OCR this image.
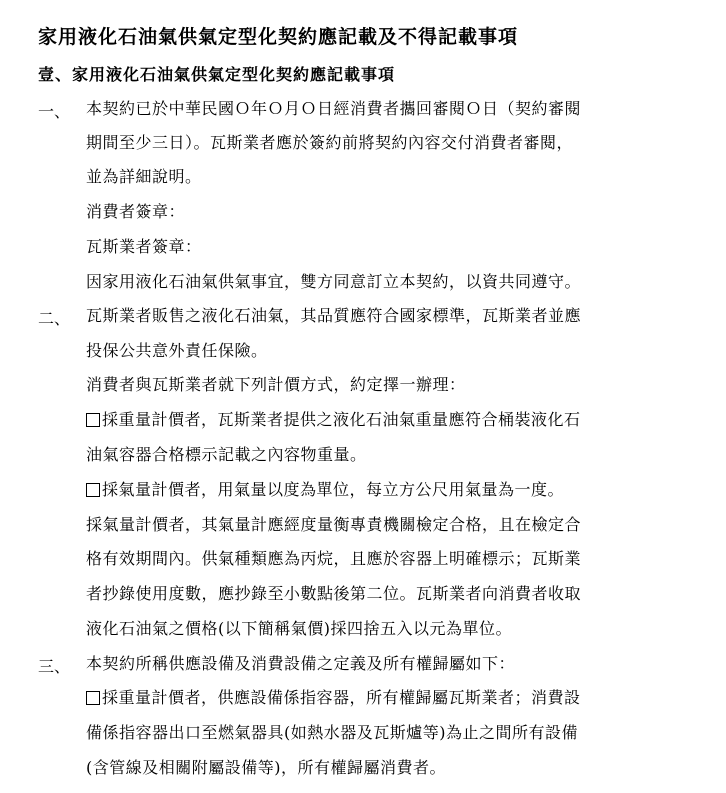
家用液化石油氣供氣定型化契約應記載及不得記載事項
壹、家用液化石油氣供氣定型化契約應記載事項
一、 本契約已於中華民國Ｏ年Ｏ月Ｏ日經消費者攜回審閱Ｏ日（契約審閱
期間至少三日）。瓦斯業者應於簽約前將契約內容交付消費者審閱，
並為詳細說明。
消費者簽章：
瓦斯業者簽章：
因家用液化石油氣供氣事宜，雙方同意訂立本契約，以資共同遵守。
二、 瓦斯業者販售之液化石油氣，其品質應符合國家標準，瓦斯業者並應
投保公共意外責任保險。
消費者與瓦斯業者就下列計價方式，約定擇一辦理：
採重量計價者，瓦斯業者提供之液化石油氣重量應符合桶裝液化石
油氣容器合格標示記載之內容物重量。
採氣量計價者，用氣量以度為單位，每立方公尺用氣量為一度。
採氣量計價者，其氣量計應經度量衡專責機關檢定合格，且在檢定合
格有效期間內。供氣種類應為丙烷，且應於容器上明確標示；瓦斯業
者抄錄使用度數，應抄錄至小數點後第二位。瓦斯業者向消費者收取
液化石油氣之價格(以下簡稱氣價)採四捨五入以元為單位。
三、 本契約所稱供應設備及消費設備之定義及所有權歸屬如下：
採重量計價者，供應設備係指容器，所有權歸屬瓦斯業者；消費設
備係指容器出口至燃氣器具(如熱水器及瓦斯爐等)為止之間所有設備
(含管線及相關附屬設備等)，所有權歸屬消費者。
